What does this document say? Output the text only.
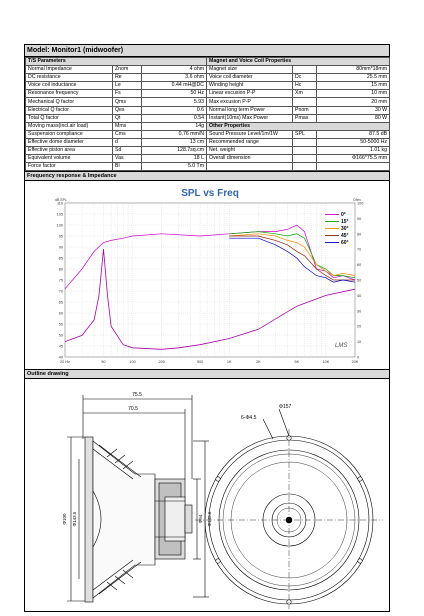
Model: Monitor1 (midwoofer)
T/S Parameters			Magnet and Voice Coil Properties		
Normal Impedance	Znom	4 ohm	Magnet size		80mm*18mm
DC resistance	Re	3.6 ohm	Voice coil diameter	Dc	25.5 mm
Voice coil inductance	Le	0.44 mH@DC	Winding height	Hc	15 mm
Resonance frequency	Fs	50 Hz	Linear excusion P-P	Xm	10 mm
Mechanical Q factor	Qms	5.93	Max excusion P-P		20 mm
Electrical Q factor	Qes	0.6	Normal long term Power	Pnom	30 W
Total Q factor	Qt	0.54	Instant(10ms) Max Power	Pmax	80 W
Moving mass(incl.air load)	Mms	14g	Other Properties		
Suspension compliance	Cms	0.76 mm/N	Sound Pressure Level/1m/1W	SPL	87.5 dB
Effective dome diameter	d	13 cm	Recommended range		50-5000 Hz
Effective piston area	Sd	128.7sq.cm	Net. weight		1.01 kg
Equivalent volume	Vas	18 L	Overall dimension		Φ166*75.5 mm
Force factor	Bl	5.0 Tm			
Frequency response & Impedance
SPL vs Freq
110
105
100
95
90
85
80
75
70
65
60
55
50
45
40
dB SPL
100
90
80
70
60
50
40
30
20
10
0
Ohm
20 Hz	50	100	200	500	1K	2K	5K	10K	20K
0°
15°
30°
45°
60°
LMS
Outline drawing
75.5
70.5
Φ100 Φ143.5	Φ94 Φ145.6
Φ157
6-Φ4.5
